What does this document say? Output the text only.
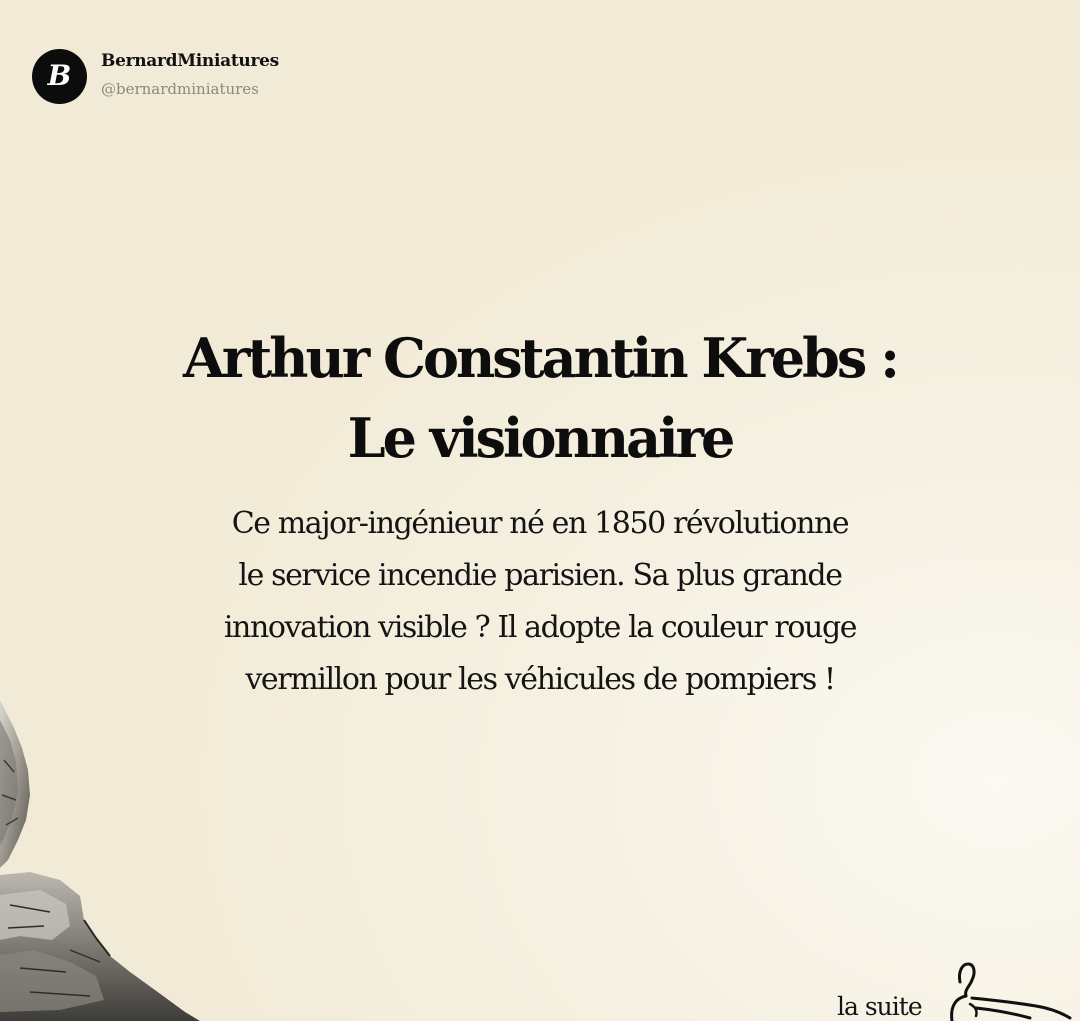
B BernardMiniatures
@bernardminiatures
Arthur Constantin Krebs :
Le visionnaire
Ce major-ingénieur né en 1850 révolutionne
le service incendie parisien. Sa plus grande
innovation visible ? Il adopte la couleur rouge
vermillon pour les véhicules de pompiers !
la suite
